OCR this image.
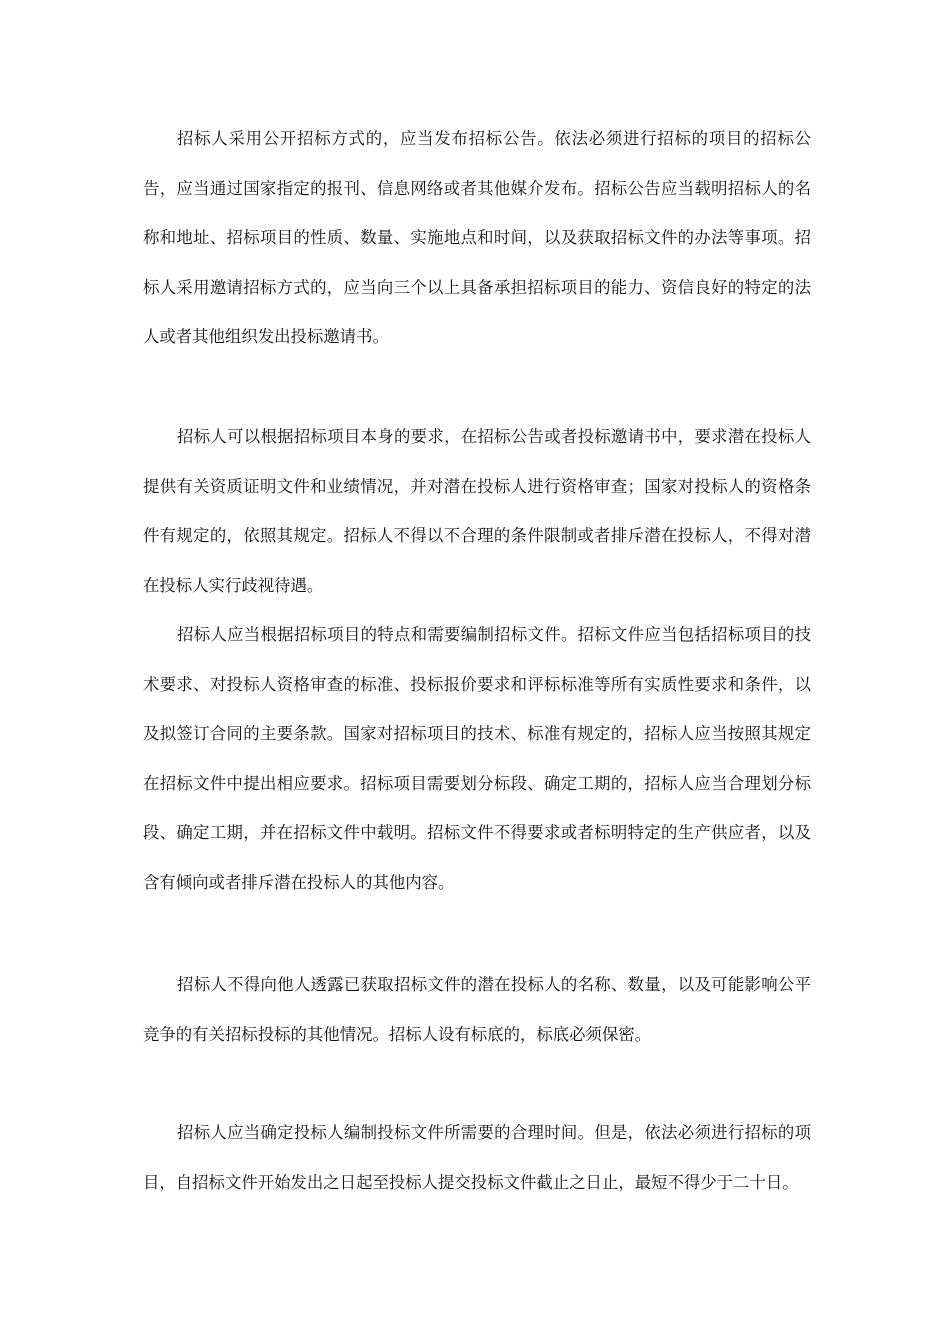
招标人采用公开招标方式的，应当发布招标公告。依法必须进行招标的项目的招标公告，应当通过国家指定的报刊、信息网络或者其他媒介发布。招标公告应当载明招标人的名称和地址、招标项目的性质、数量、实施地点和时间，以及获取招标文件的办法等事项。招标人采用邀请招标方式的，应当向三个以上具备承担招标项目的能力、资信良好的特定的法人或者其他组织发出投标邀请书。

招标人可以根据招标项目本身的要求，在招标公告或者投标邀请书中，要求潜在投标人提供有关资质证明文件和业绩情况，并对潜在投标人进行资格审查；国家对投标人的资格条件有规定的，依照其规定。招标人不得以不合理的条件限制或者排斥潜在投标人，不得对潜在投标人实行歧视待遇。

招标人应当根据招标项目的特点和需要编制招标文件。招标文件应当包括招标项目的技术要求、对投标人资格审查的标准、投标报价要求和评标标准等所有实质性要求和条件，以及拟签订合同的主要条款。国家对招标项目的技术、标准有规定的，招标人应当按照其规定在招标文件中提出相应要求。招标项目需要划分标段、确定工期的，招标人应当合理划分标段、确定工期，并在招标文件中载明。招标文件不得要求或者标明特定的生产供应者，以及含有倾向或者排斥潜在投标人的其他内容。

招标人不得向他人透露已获取招标文件的潜在投标人的名称、数量，以及可能影响公平竞争的有关招标投标的其他情况。招标人设有标底的，标底必须保密。

招标人应当确定投标人编制投标文件所需要的合理时间。但是，依法必须进行招标的项目，自招标文件开始发出之日起至投标人提交投标文件截止之日止，最短不得少于二十日。
